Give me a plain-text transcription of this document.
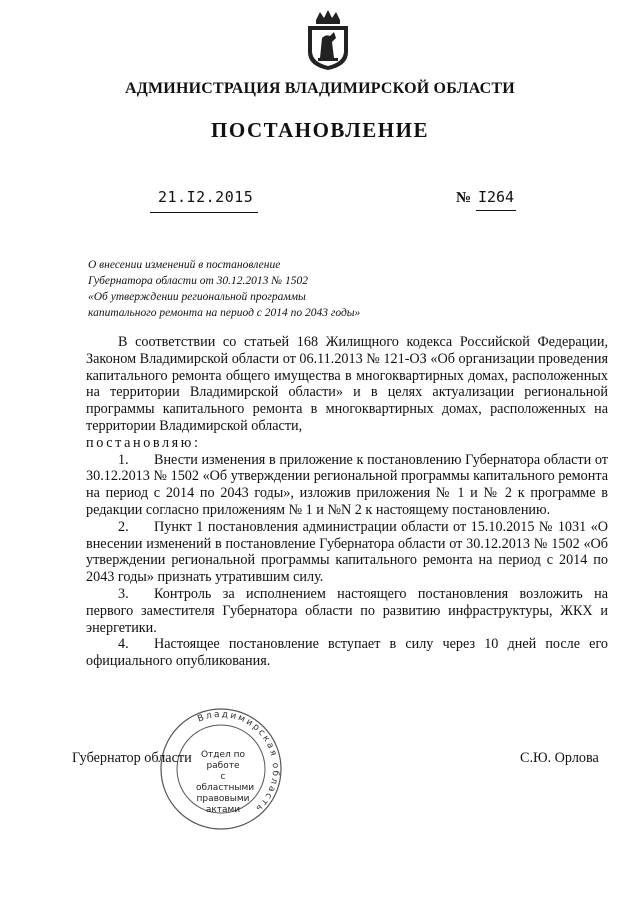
АДМИНИСТРАЦИЯ ВЛАДИМИРСКОЙ ОБЛАСТИ
ПОСТАНОВЛЕНИЕ
21.I2.2015	№ I264
О внесении изменений в постановление
Губернатора области от 30.12.2013 № 1502
«Об утверждении региональной программы
капитального ремонта на период с 2014 по 2043 годы»

В соответствии со статьей 168 Жилищного кодекса Российской Федерации, Законом Владимирской области от 06.11.2013 № 121-ОЗ «Об организации проведения капитального ремонта общего имущества в многоквартирных домах, расположенных на территории Владимирской области» и в целях актуализации региональной программы капитального ремонта в многоквартирных домах, расположенных на территории Владимирской области,

постановляю:

1. Внести изменения в приложение к постановлению Губернатора области от 30.12.2013 № 1502 «Об утверждении региональной программы капитального ремонта на период с 2014 по 2043 годы», изложив приложения № 1 и № 2 к программе в редакции согласно приложениям № 1 и №N 2 к настоящему постановлению.

2. Пункт 1 постановления администрации области от 15.10.2015 № 1031 «О внесении изменений в постановление Губернатора области от 30.12.2013 № 1502 «Об утверждении региональной программы капитального ремонта на период с 2014 по 2043 годы» признать утратившим силу.

3. Контроль за исполнением настоящего постановления возложить на первого заместителя Губернатора области по развитию инфраструктуры, ЖКХ и энергетики.

4. Настоящее постановление вступает в силу через 10 дней после его официального опубликования.

Владимирская область
Отдел по работе
с областными
правовыми
актами
Губернатор области	С.Ю. Орлова
